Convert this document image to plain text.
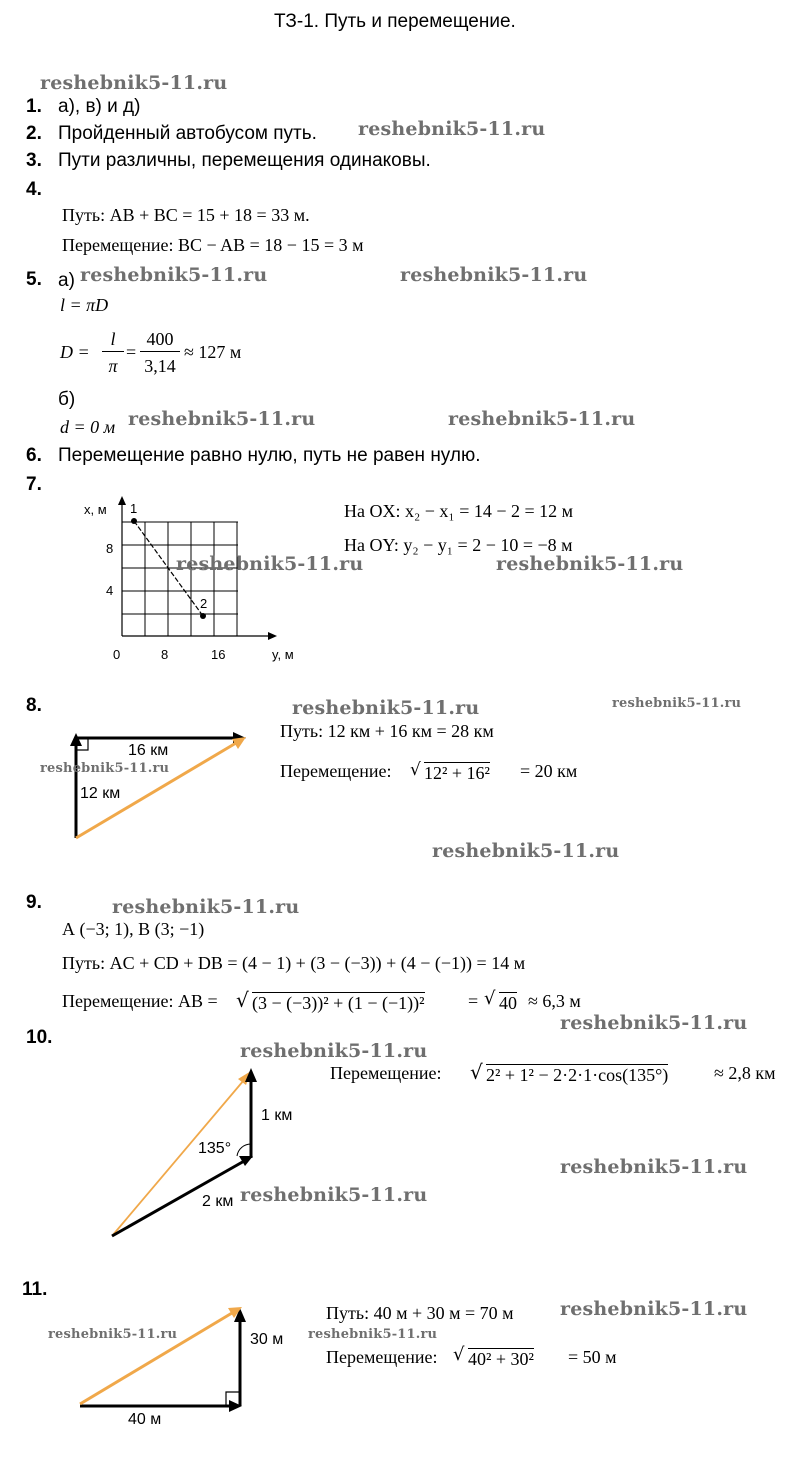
ТЗ-1. Путь и перемещение.
reshebnik5-11.ru
1. а), в) и д)
2. Пройденный автобусом путь. reshebnik5-11.ru
3. Пути различны, перемещения одинаковы.
4.
Путь: AB + BC = 15 + 18 = 33 м.
Перемещение: BC − AB = 18 − 15 = 3 м
5. а) reshebnik5-11.ru	reshebnik5-11.ru
l = πD
D =
l
π
=
400
3,14
≈ 127 м
б)
d = 0 м reshebnik5-11.ru	reshebnik5-11.ru
6. Перемещение равно нулю, путь не равен нулю.
7.
x, м 1
8
4
2
0	8	16	y, м
На OX: x₂ − x₁ = 14 − 2 = 12 м
На OY: y₂ − y₁ = 2 − 10 = −8 м
reshebnik5-11.ru	reshebnik5-11.ru
8.	reshebnik5-11.ru	reshebnik5-11.ru
16 км
reshebnik5-11.ru
12 км
Путь: 12 км + 16 км = 28 км
Перемещение: √ 12² + 16² = 20 км
reshebnik5-11.ru
9.	reshebnik5-11.ru
А (−3; 1), В (3; −1)
Путь: AC + CD + DB = (4 − 1) + (3 − (−3)) + (4 − (−1)) = 14 м
Перемещение: AB = √ (3 − (−3))² + (1 − (−1))² = √ 40 ≈ 6,3 м
10.
reshebnik5-11.ru
reshebnik5-11.ru
Перемещение: √ 2² + 1² − 2·2·1·cos(135°)	≈ 2,8 км
1 км
135°
reshebnik5-11.ru
2 км reshebnik5-11.ru
11.
reshebnik5-11.ru	30 м
40 м
Путь: 40 м + 30 м = 70 м reshebnik5-11.ru
reshebnik5-11.ru
Перемещение: √ 40² + 30² = 50 м
